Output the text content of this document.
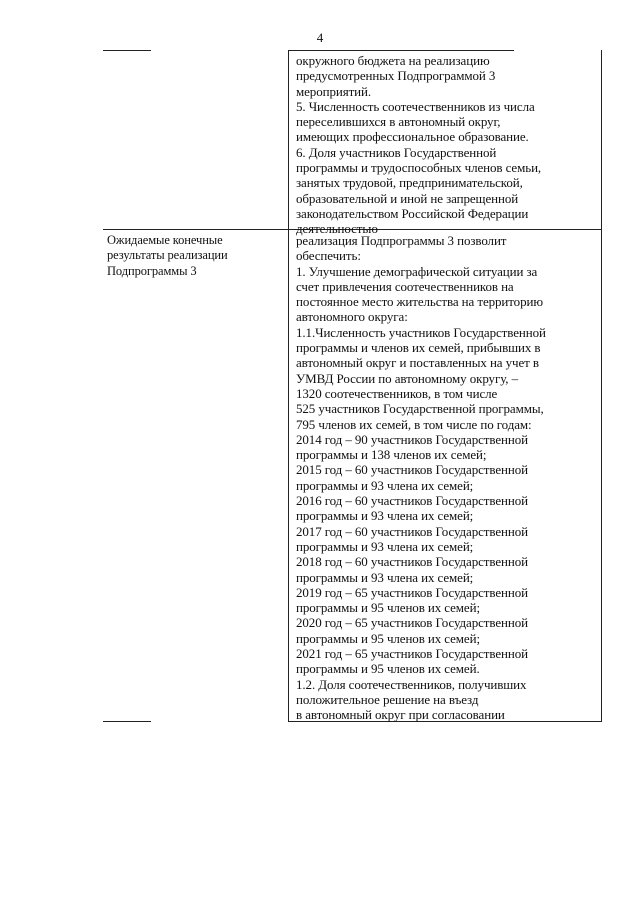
4
окружного бюджета на реализацию
предусмотренных Подпрограммой 3
мероприятий.
5. Численность соотечественников из числа
переселившихся в автономный округ,
имеющих профессиональное образование.
6. Доля участников Государственной
программы и трудоспособных членов семьи,
занятых трудовой, предпринимательской,
образовательной и иной не запрещенной
законодательством Российской Федерации
деятельностью
Ожидаемые конечные
результаты реализации
Подпрограммы 3
реализация Подпрограммы 3 позволит
обеспечить:
1. Улучшение демографической ситуации за
счет привлечения соотечественников на
постоянное место жительства на территорию
автономного округа:
1.1.Численность участников Государственной
программы и членов их семей, прибывших в
автономный округ и поставленных на учет в
УМВД России по автономному округу, –
1320 соотечественников, в том числе
525 участников Государственной программы,
795 членов их семей, в том числе по годам:
2014 год – 90 участников Государственной
программы и 138 членов их семей;
2015 год – 60 участников Государственной
программы и 93 члена их семей;
2016 год – 60 участников Государственной
программы и 93 члена их семей;
2017 год – 60 участников Государственной
программы и 93 члена их семей;
2018 год – 60 участников Государственной
программы и 93 члена их семей;
2019 год – 65 участников Государственной
программы и 95 членов их семей;
2020 год – 65 участников Государственной
программы и 95 членов их семей;
2021 год – 65 участников Государственной
программы и 95 членов их семей.
1.2. Доля соотечественников, получивших
положительное решение на въезд
в автономный округ при согласовании
